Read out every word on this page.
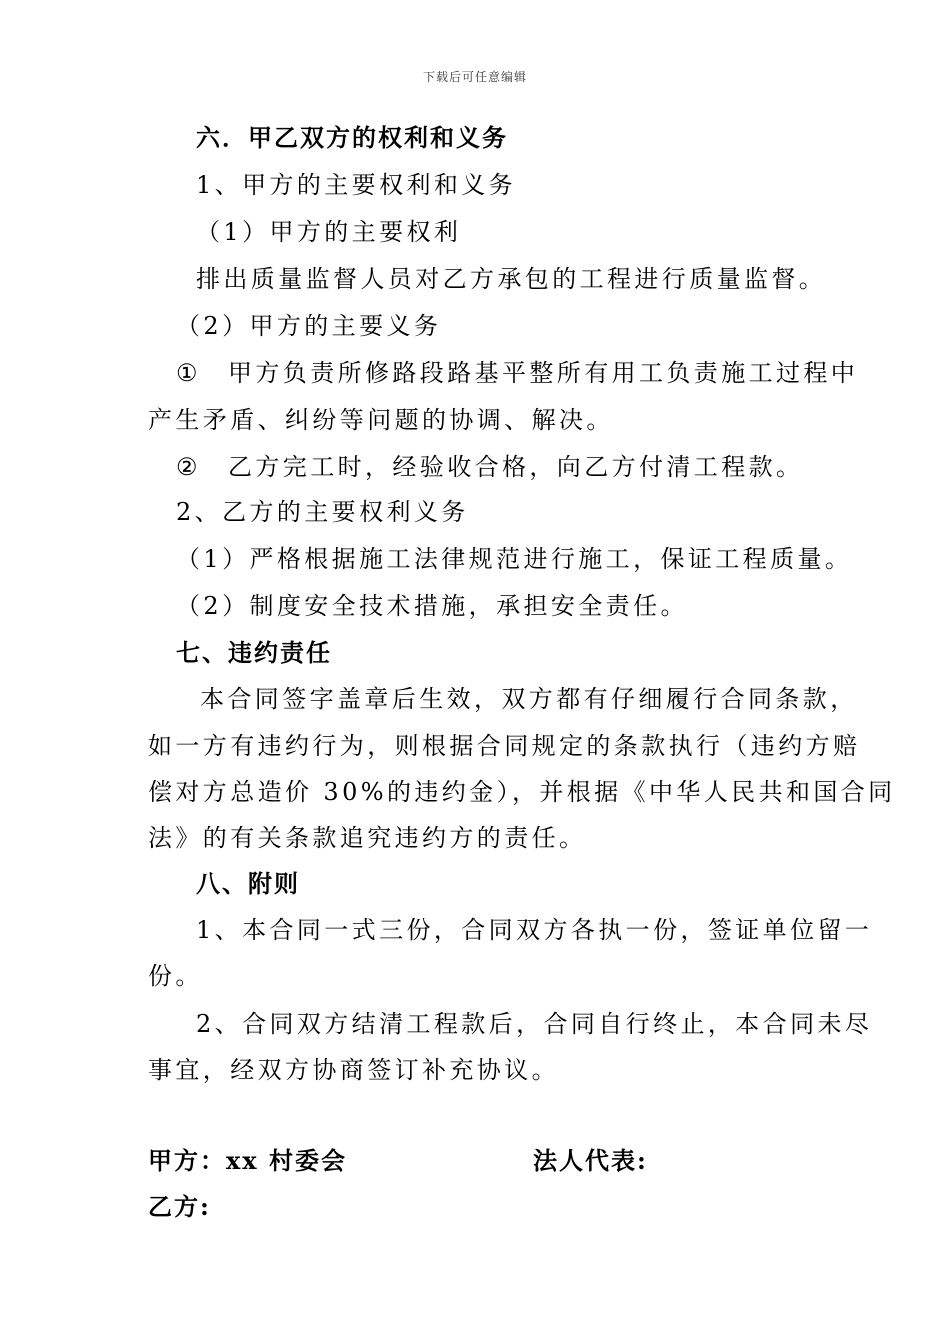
下载后可任意编辑
六．甲乙双方的权利和义务
1、甲方的主要权利和义务
（1）甲方的主要权利
排出质量监督人员对乙方承包的工程进行质量监督。
（2）甲方的主要义务
① 甲方负责所修路段路基平整所有用工负责施工过程中
产生矛盾、纠纷等问题的协调、解决。
② 乙方完工时，经验收合格，向乙方付清工程款。
2、乙方的主要权利义务
（1）严格根据施工法律规范进行施工，保证工程质量。
（2）制度安全技术措施，承担安全责任。
七、违约责任
本合同签字盖章后生效，双方都有仔细履行合同条款，
如一方有违约行为，则根据合同规定的条款执行（违约方赔
偿对方总造价 30%的违约金），并根据《中华人民共和国合同
法》的有关条款追究违约方的责任。
八、附则
1、本合同一式三份，合同双方各执一份，签证单位留一
份。
2、合同双方结清工程款后，合同自行终止，本合同未尽
事宜，经双方协商签订补充协议。
甲方：xx 村委会	法人代表:
乙方:
